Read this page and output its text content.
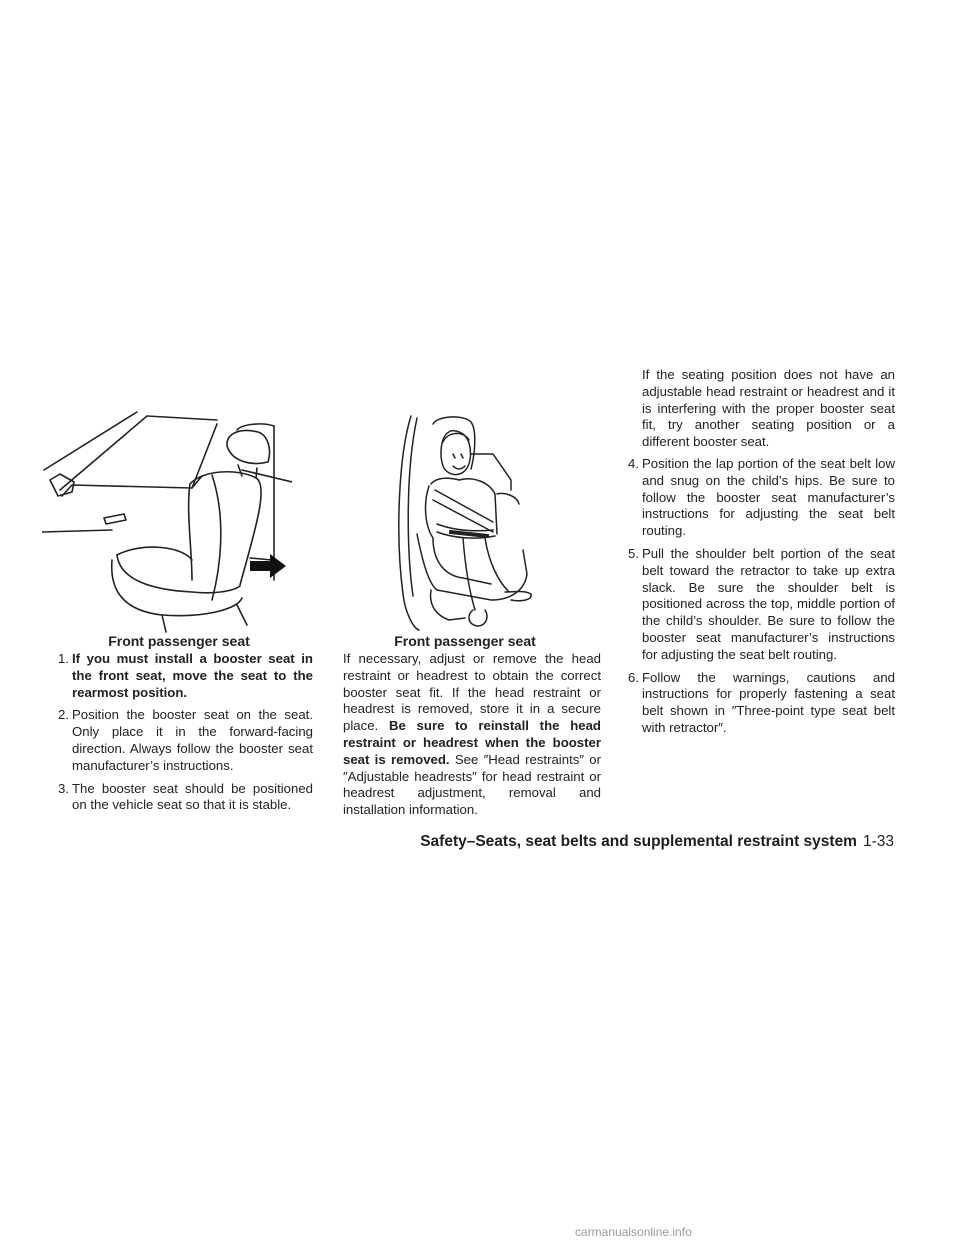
Front passenger seat	Front passenger seat
1. If you must install a booster seat in the front seat, move the seat to the rearmost position.
2. Position the booster seat on the seat. Only place it in the forward-facing direction. Always follow the booster seat manufacturer’s instructions.
3. The booster seat should be positioned on the vehicle seat so that it is stable.

If necessary, adjust or remove the head restraint or headrest to obtain the correct booster seat fit. If the head restraint or headrest is removed, store it in a secure place. Be sure to reinstall the head restraint or headrest when the booster seat is removed. See ″Head restraints″ or ″Adjustable headrests″ for head restraint or headrest adjustment, removal and installation information.

If the seating position does not have an adjustable head restraint or headrest and it is interfering with the proper booster seat fit, try another seating position or a different booster seat.

4. Position the lap portion of the seat belt low and snug on the child’s hips. Be sure to follow the booster seat manufacturer’s instructions for adjusting the seat belt routing.
5. Pull the shoulder belt portion of the seat belt toward the retractor to take up extra slack. Be sure the shoulder belt is positioned across the top, middle portion of the child’s shoulder. Be sure to follow the booster seat manufacturer’s instructions for adjusting the seat belt routing.
6. Follow the warnings, cautions and instructions for properly fastening a seat belt shown in ″Three-point type seat belt with retractor″.
Safety–Seats, seat belts and supplemental restraint system 1-33
carmanualsonline.info
